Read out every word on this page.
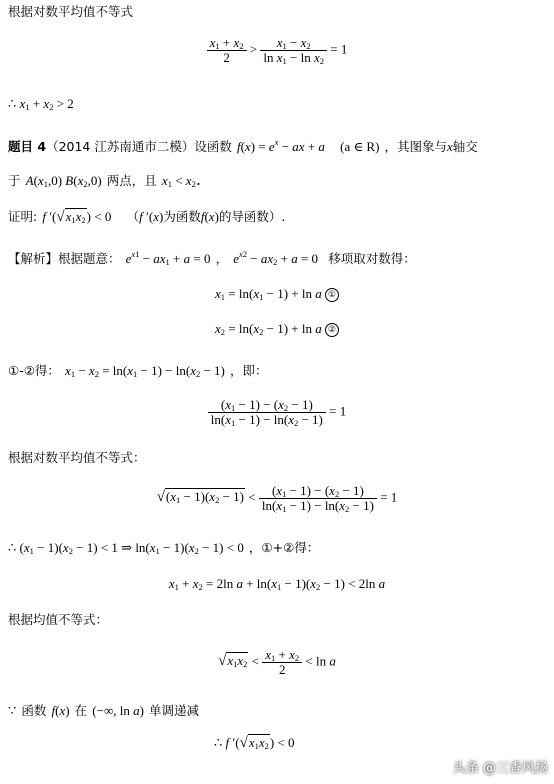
根据对数平均值不等式
$\frac{x_1 + x_2}{2} > \frac{x_1 - x_2}{\ln x_1 - \ln x_2} = 1$
∴ $x_1 + x_2 > 2$
题目 4（2014 江苏南通市二模）设函数 $f(x) = e^x$ − ax + a (a ∈ R) ，其图象与x轴交
于 $A(x_1,0)$ $B(x_2,0)$ 两点，且 $x_1 < x_2$.
证明: f $'(√x_1x_2) < 0$ （f ′(x)为函数f(x)的导函数）.
【解析】根据题意： $e^{x1} - ax_1 + a = 0$ ， $e^{x2} - ax_2 + a = 0$ 移项取对数得：
$x_1 = \ln(x_1 - 1) + \ln a$ ①
$x_2 = \ln(x_2 - 1) + \ln a$ ②
①-②得： $x_1 - x_2 = \ln(x_1 - 1) - \ln(x_2 - 1)$ ，即：
$\frac{(x_1 - 1) - (x_2 - 1)}{\ln(x_1 - 1) - \ln(x_2 - 1)} = 1$
根据对数平均值不等式：
$√(x_1 - 1)(x_2 - 1) < \frac{(x_1 - 1) - (x_2 - 1)}{\ln(x_1 - 1) - \ln(x_2 - 1)} = 1$
∴ $(x_1 - 1)(x_2 - 1) < 1$ ⇒ $\ln(x_1 - 1)(x_2 - 1) < 0$ ，①+②得：
$x_1 + x_2 = 2\ln$ $a + \ln(x_1 - 1)(x_2 - 1) < 2\ln$ a
根据均值不等式：
$√x_1x_2 < \frac{x_1 + x_2}{2} < \ln a$
∵ 函数 f(x) 在 (−∞, ln a) 单调递减
∴ f $'(√x_1x_2) < 0$
头条 @三香风扬
